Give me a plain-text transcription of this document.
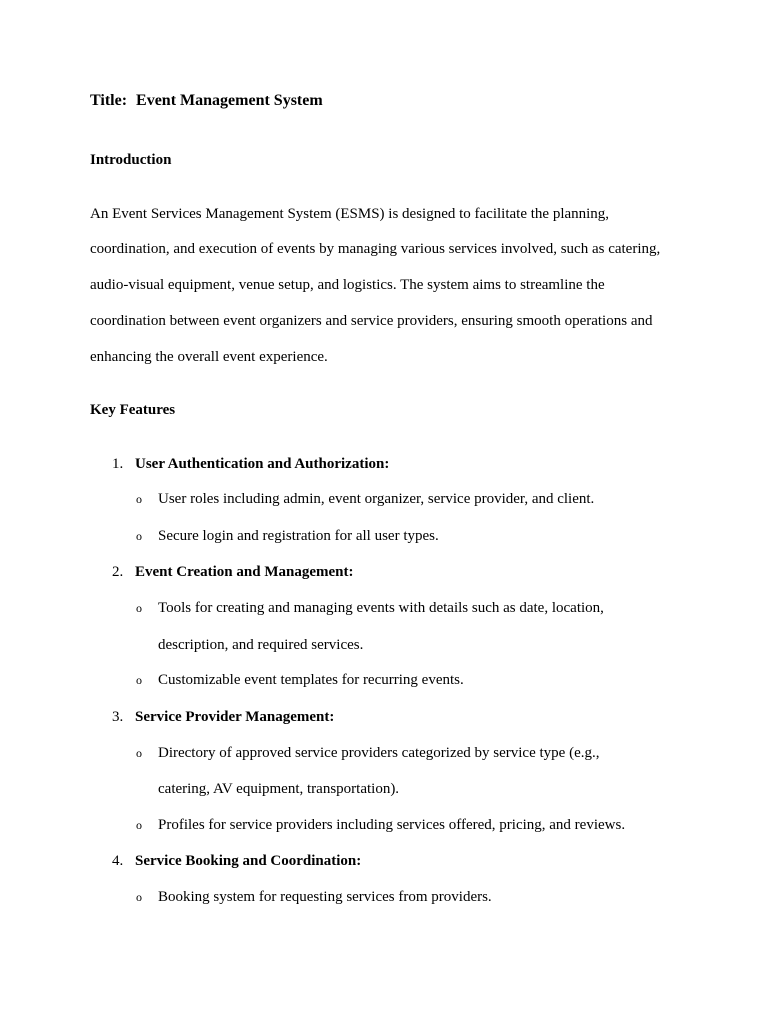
Title: Event Management System
Introduction
An Event Services Management System (ESMS) is designed to facilitate the planning,
coordination, and execution of events by managing various services involved, such as catering,
audio-visual equipment, venue setup, and logistics. The system aims to streamline the
coordination between event organizers and service providers, ensuring smooth operations and
enhancing the overall event experience.
Key Features
1. User Authentication and Authorization:
o User roles including admin, event organizer, service provider, and client.
o Secure login and registration for all user types.
2. Event Creation and Management:
o Tools for creating and managing events with details such as date, location,
description, and required services.
o Customizable event templates for recurring events.
3. Service Provider Management:
o Directory of approved service providers categorized by service type (e.g.,
catering, AV equipment, transportation).
o Profiles for service providers including services offered, pricing, and reviews.
4. Service Booking and Coordination:
o Booking system for requesting services from providers.
